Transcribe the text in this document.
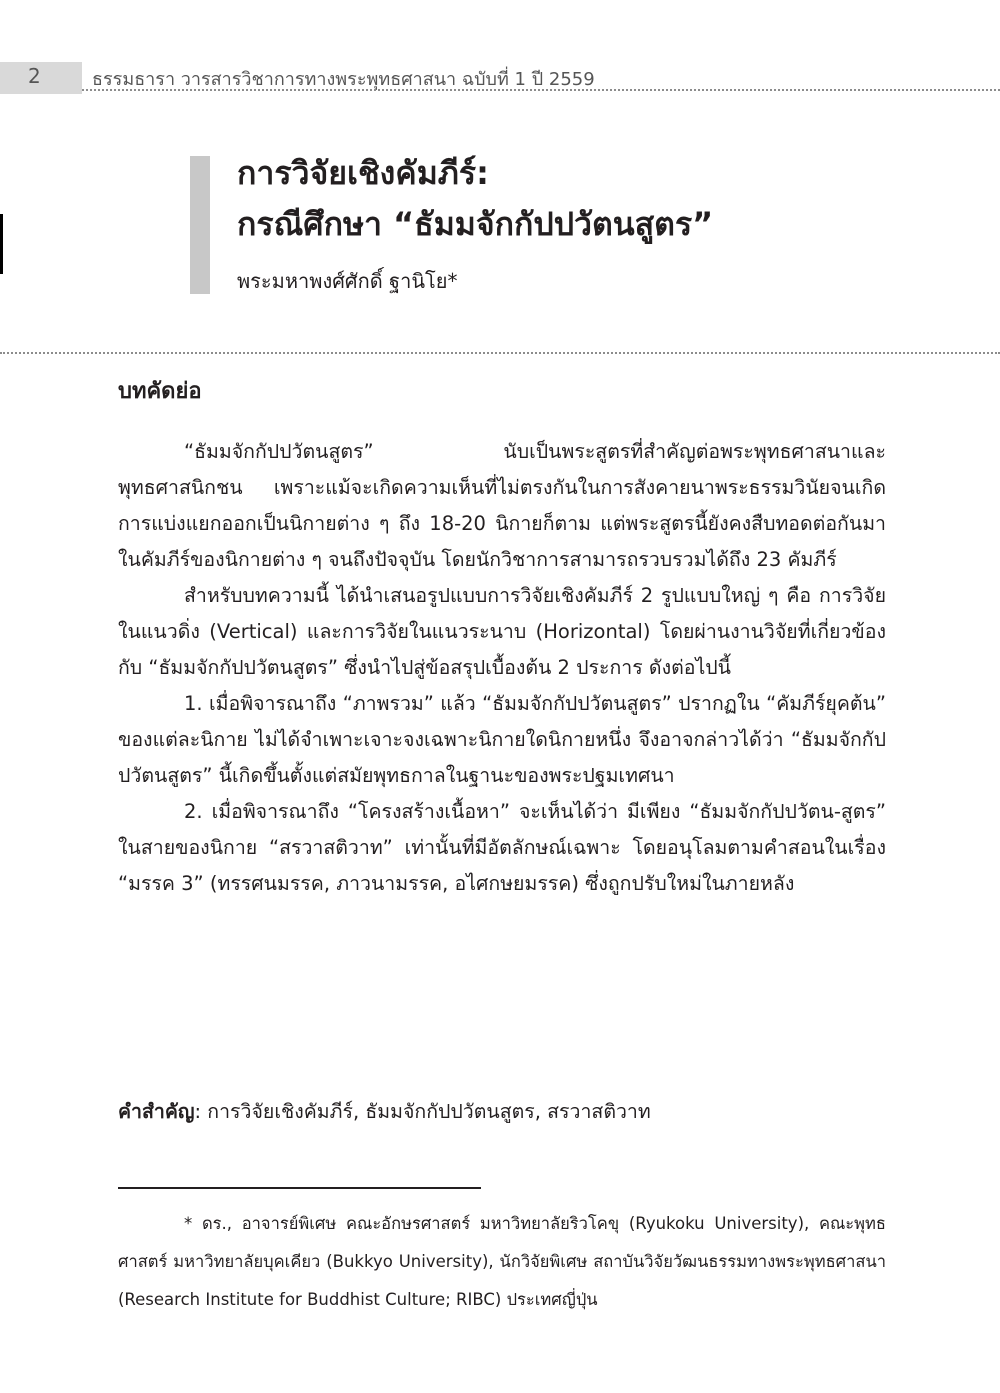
2	ธรรมธารา วารสารวิชาการทางพระพุทธศาสนา ฉบับที่ 1 ปี 2559
การวิจัยเชิงคัมภีร์:
กรณีศึกษา “ธัมมจักกัปปวัตนสูตร”
พระมหาพงศ์ศักดิ์ ฐานิโย*
บทคัดย่อ

“ธัมมจักกัปปวัตนสูตร” นับเป็นพระสูตรที่สำคัญต่อพระพุทธศาสนาและพุทธศาสนิกชน เพราะแม้จะเกิดความเห็นที่ไม่ตรงกันในการสังคายนาพระธรรมวินัยจนเกิดการแบ่งแยกออกเป็นนิกายต่าง ๆ ถึง 18-20 นิกายก็ตาม แต่พระสูตรนี้ยังคงสืบทอดต่อกันมาในคัมภีร์ของนิกายต่าง ๆ จนถึงปัจจุบัน โดยนักวิชาการสามารถรวบรวมได้ถึง 23 คัมภีร์

สำหรับบทความนี้ ได้นำเสนอรูปแบบการวิจัยเชิงคัมภีร์ 2 รูปแบบใหญ่ ๆ คือ การวิจัยในแนวดิ่ง (Vertical) และการวิจัยในแนวระนาบ (Horizontal) โดยผ่านงานวิจัยที่เกี่ยวข้องกับ “ธัมมจักกัปปวัตนสูตร” ซึ่งนำไปสู่ข้อสรุปเบื้องต้น 2 ประการ ดังต่อไปนี้

1. เมื่อพิจารณาถึง “ภาพรวม” แล้ว “ธัมมจักกัปปวัตนสูตร” ปรากฏใน “คัมภีร์ยุคต้น” ของแต่ละนิกาย ไม่ได้จำเพาะเจาะจงเฉพาะนิกายใดนิกายหนึ่ง จึงอาจกล่าวได้ว่า “ธัมมจักกัปปวัตนสูตร” นี้เกิดขึ้นตั้งแต่สมัยพุทธกาลในฐานะของพระปฐมเทศนา

2. เมื่อพิจารณาถึง “โครงสร้างเนื้อหา” จะเห็นได้ว่า มีเพียง “ธัมมจักกัปปวัตน-สูตร” ในสายของนิกาย “สรวาสติวาท” เท่านั้นที่มีอัตลักษณ์เฉพาะ โดยอนุโลมตามคำสอนในเรื่อง “มรรค 3” (ทรรศนมรรค, ภาวนามรรค, อไศกษยมรรค) ซึ่งถูกปรับใหม่ในภายหลัง

คำสำคัญ: การวิจัยเชิงคัมภีร์, ธัมมจักกัปปวัตนสูตร, สรวาสติวาท

* ดร., อาจารย์พิเศษ คณะอักษรศาสตร์ มหาวิทยาลัยริวโคขุ (Ryukoku University), คณะพุทธศาสตร์ มหาวิทยาลัยบุคเคียว (Bukkyo University), นักวิจัยพิเศษ สถาบันวิจัยวัฒนธรรมทางพระพุทธศาสนา (Research Institute for Buddhist Culture; RIBC) ประเทศญี่ปุ่น
